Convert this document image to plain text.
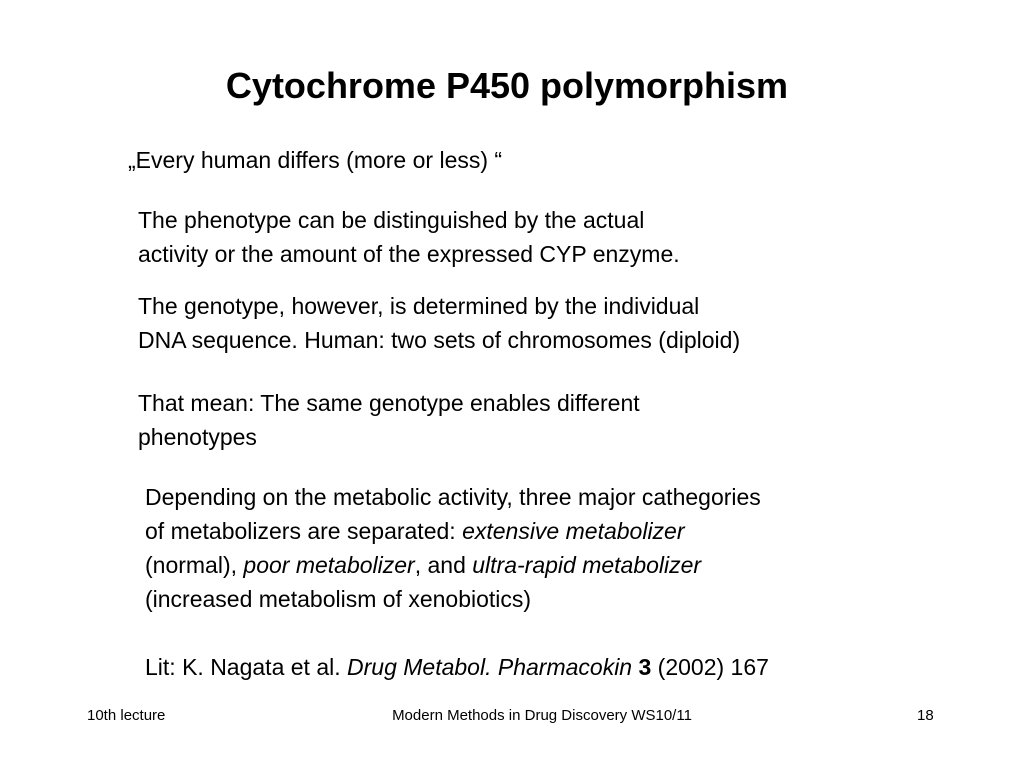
Cytochrome P450 polymorphism
„Every human differs (more or less) “
The phenotype can be distinguished by the actual
activity or the amount of the expressed CYP enzyme.
The genotype, however, is determined by the individual
DNA sequence. Human: two sets of chromosomes (diploid)
That mean: The same genotype enables different
phenotypes
Depending on the metabolic activity, three major cathegories
of metabolizers are separated: extensive metabolizer
(normal), poor metabolizer, and ultra-rapid metabolizer
(increased metabolism of xenobiotics)
Lit: K. Nagata et al. Drug Metabol. Pharmacokin 3 (2002) 167
10th lecture	Modern Methods in Drug Discovery WS10/11	18
